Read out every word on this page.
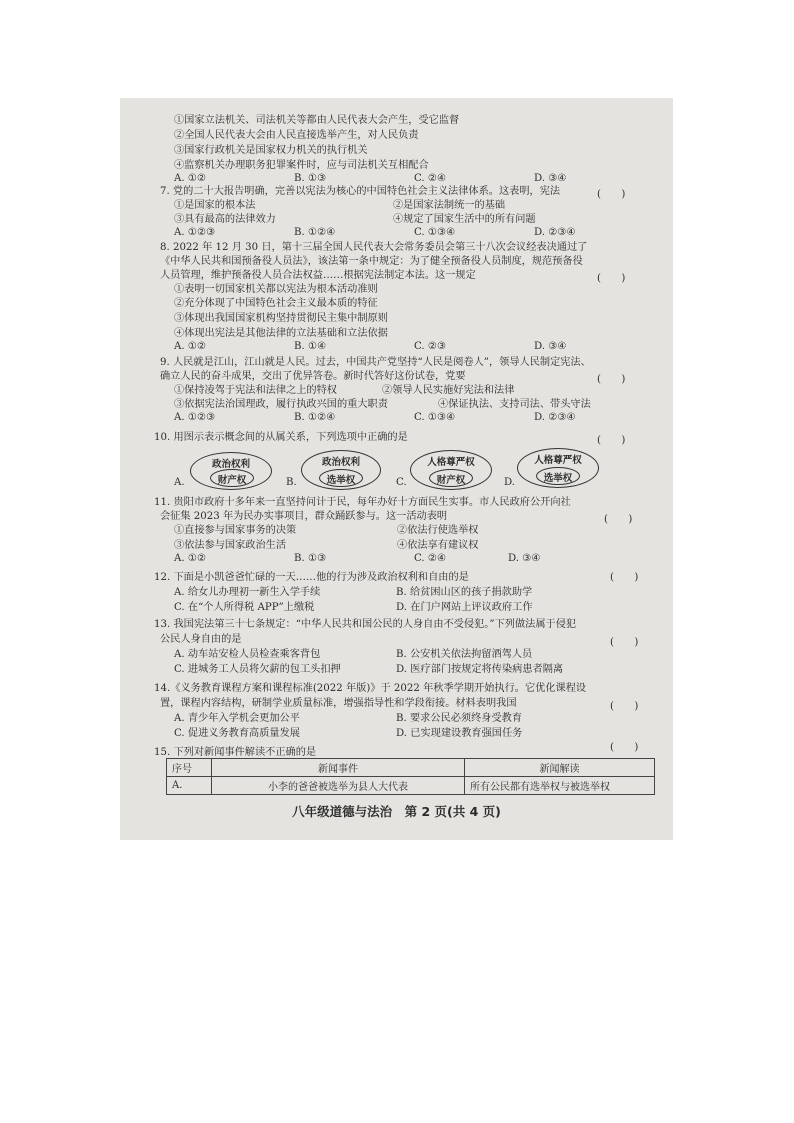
①国家立法机关、司法机关等都由人民代表大会产生，受它监督
②全国人民代表大会由人民直接选举产生，对人民负责
③国家行政机关是国家权力机关的执行机关
④监察机关办理职务犯罪案件时，应与司法机关互相配合
A. ①②	B. ①③	C. ②④	D. ③④
7. 党的二十大报告明确，完善以宪法为核心的中国特色社会主义法律体系。这表明，宪法	(　　)
①是国家的根本法	②是国家法制统一的基础
③具有最高的法律效力	④规定了国家生活中的所有问题
A. ①②③	B. ①②④	C. ①③④	D. ②③④
8. 2022 年 12 月 30 日，第十三届全国人民代表大会常务委员会第三十八次会议经表决通过了
《中华人民共和国预备役人员法》，该法第一条中规定：为了健全预备役人员制度，规范预备役
人员管理，维护预备役人员合法权益……根据宪法制定本法。这一规定	(　　)
①表明一切国家机关都以宪法为根本活动准则
②充分体现了中国特色社会主义最本质的特征
③体现出我国国家机构坚持贯彻民主集中制原则
④体现出宪法是其他法律的立法基础和立法依据
A. ①②	B. ①④	C. ②③	D. ③④
9. 人民就是江山，江山就是人民。过去，中国共产党坚持“人民是阅卷人”，领导人民制定宪法、
确立人民的奋斗成果，交出了优异答卷。新时代答好这份试卷，党要	(　　)
①保持凌驾于宪法和法律之上的特权	②领导人民实施好宪法和法律
③依据宪法治国理政，履行执政兴国的重大职责	④保证执法、支持司法、带头守法
A. ①②③	B. ①②④	C. ①③④	D. ②③④
10. 用图示表示概念间的从属关系，下列选项中正确的是	(　　)
A.
政治权利
财产权	B.
政治权利
选举权	C.
人格尊严权
财产权	D.
人格尊严权
选举权
11. 贵阳市政府十多年来一直坚持问计于民，每年办好十方面民生实事。市人民政府公开向社
会征集 2023 年为民办实事项目，群众踊跃参与。这一活动表明	(　　)
①直接参与国家事务的决策	②依法行使选举权
③依法参与国家政治生活	④依法享有建议权
A. ①②	B. ①③	C. ②④	D. ③④
12. 下面是小凯爸爸忙碌的一天……他的行为涉及政治权利和自由的是	(　　)
A. 给女儿办理初一新生入学手续	B. 给贫困山区的孩子捐款助学
C. 在“个人所得税 APP”上缴税	D. 在门户网站上评议政府工作
13. 我国宪法第三十七条规定：“中华人民共和国公民的人身自由不受侵犯。”下列做法属于侵犯
公民人身自由的是	(　　)
A. 动车站安检人员检查乘客背包	B. 公安机关依法拘留酒驾人员
C. 进城务工人员将欠薪的包工头扣押	D. 医疗部门按规定将传染病患者隔离
14.《义务教育课程方案和课程标准(2022 年版)》于 2022 年秋季学期开始执行。它优化课程设
置，课程内容结构，研制学业质量标准，增强指导性和学段衔接。材料表明我国	(　　)
A. 青少年入学机会更加公平	B. 要求公民必须终身受教育
C. 促进义务教育高质量发展	D. 已实现建设教育强国任务
15. 下列对新闻事件解读不正确的是	(　　)
序号	新闻事件	新闻解读
A.	小李的爸爸被选举为县人大代表	所有公民都有选举权与被选举权
八年级道德与法治　第 2 页(共 4 页)
